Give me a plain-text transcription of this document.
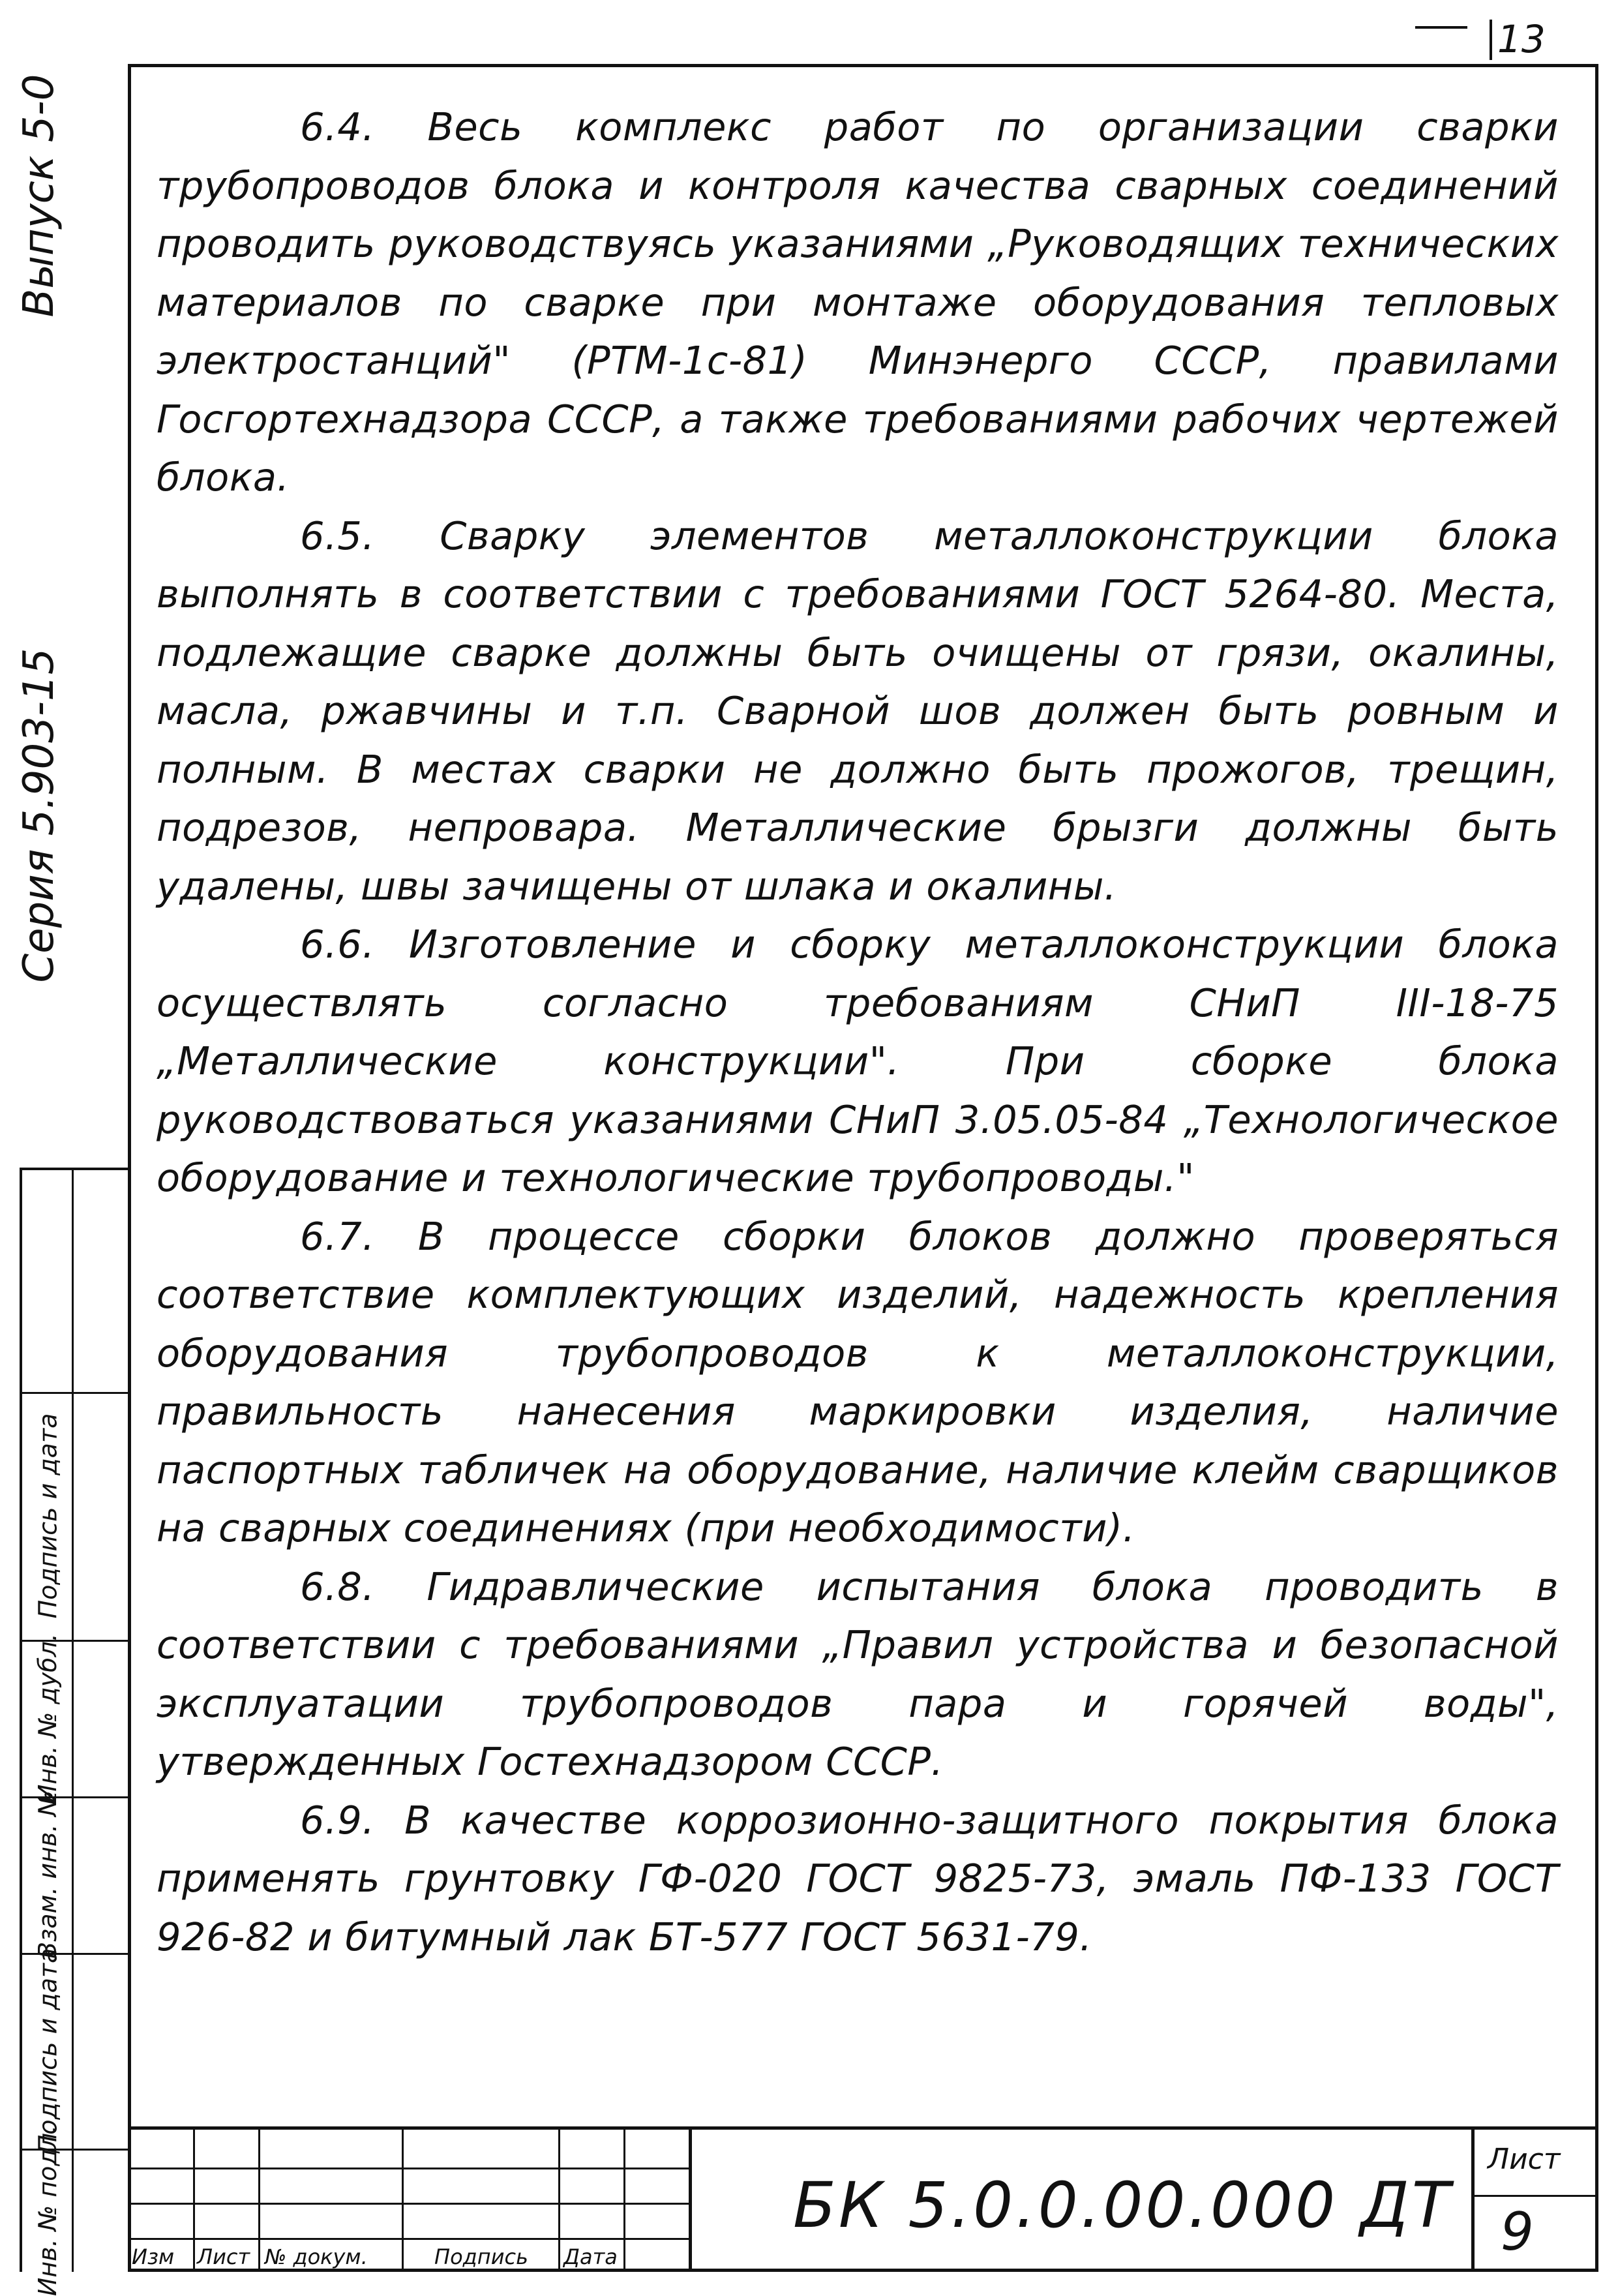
13
Выпуск 5-0
Серия 5.903-15
Инв. № подл.
Подпись и дата
Взам. инв. №
Инв. № дубл.
Подпись и дата

6.4. Весь комплекс работ по организации сварки трубопроводов блока и контроля качества сварных соединений проводить руководствуясь указаниями „Руководящих технических материалов по сварке при монтаже оборудования тепловых электростанций" (РТМ-1с-81) Минэнерго СССР, правилами Госгортехнадзора СССР, а также требованиями рабочих чертежей блока.

6.5. Сварку элементов металлоконструкции блока выполнять в соответствии с требованиями ГОСТ 5264-80. Места, подлежащие сварке должны быть очищены от грязи, окалины, масла, ржавчины и т.п. Сварной шов должен быть ровным и полным. В местах сварки не должно быть прожогов, трещин, подрезов, непровара. Металлические брызги должны быть удалены, швы зачищены от шлака и окалины.

6.6. Изготовление и сборку металлоконструкции блока осуществлять согласно требованиям СНиП III-18-75 „Металлические конструкции". При сборке блока руководствоваться указаниями СНиП 3.05.05-84 „Технологическое оборудование и технологические трубопроводы."

6.7. В процессе сборки блоков должно проверяться соответствие комплектующих изделий, надежность крепления оборудования трубопроводов к металлоконструкции, правильность нанесения маркировки изделия, наличие паспортных табличек на оборудование, наличие клейм сварщиков на сварных соединениях (при необходимости).

6.8. Гидравлические испытания блока проводить в соответствии с требованиями „Правил устройства и безопасной эксплуатации трубопроводов пара и горячей воды", утвержденных Гостехнадзором СССР.

6.9. В качестве коррозионно-защитного покрытия блока применять грунтовку ГФ-020 ГОСТ 9825-73, эмаль ПФ-133 ГОСТ 926-82 и битумный лак БТ-577 ГОСТ 5631-79.

Изм Лист № докум.	Подпись Дата
БК 5.0.0.00.000 ДТ
Лист
9
